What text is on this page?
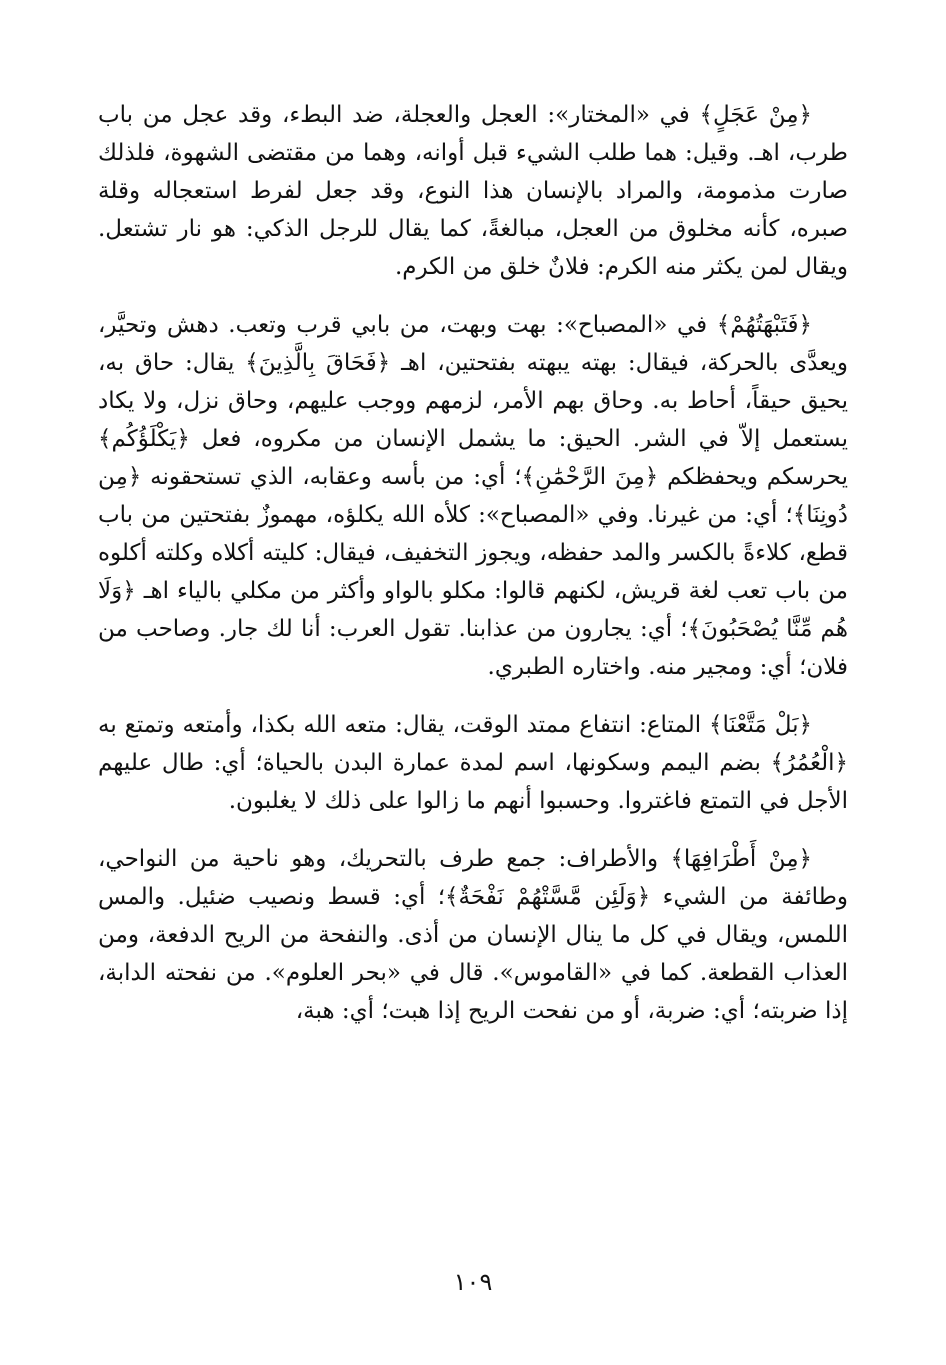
﴿مِنْ عَجَلٍ﴾ في «المختار»: العجل والعجلة، ضد البطء، وقد عجل من باب طرب، اهـ. وقيل: هما طلب الشيء قبل أوانه، وهما من مقتضى الشهوة، فلذلك صارت مذمومة، والمراد بالإنسان هذا النوع، وقد جعل لفرط استعجاله وقلة صبره، كأنه مخلوق من العجل، مبالغةً، كما يقال للرجل الذكي: هو نار تشتعل. ويقال لمن يكثر منه الكرم: فلانٌ خلق من الكرم.

﴿فَتَبْهَتُهُمْ﴾ في «المصباح»: بهت وبهت، من بابي قرب وتعب. دهش وتحيَّر، ويعدَّى بالحركة، فيقال: بهته يبهته بفتحتين، اهـ ﴿فَحَاقَ بِالَّذِينَ﴾ يقال: حاق به، يحيق حيقاً، أحاط به. وحاق بهم الأمر، لزمهم ووجب عليهم، وحاق نزل، ولا يكاد يستعمل إلاّ في الشر. الحيق: ما يشمل الإنسان من مكروه، فعل ﴿يَكْلَؤُكُم﴾ يحرسكم ويحفظكم ﴿مِنَ الرَّحْمَٰنِ﴾؛ أي: من بأسه وعقابه، الذي تستحقونه ﴿مِن دُونِنَا﴾؛ أي: من غيرنا. وفي «المصباح»: كلأه الله يكلؤه، مهموزٌ بفتحتين من باب قطع، كلاءةً بالكسر والمد حفظه، ويجوز التخفيف، فيقال: كليته أكلاه وكلته أكلوه من باب تعب لغة قريش، لكنهم قالوا: مكلو بالواو وأكثر من مكلي بالياء اهـ ﴿وَلَا هُم مِّنَّا يُصْحَبُونَ﴾؛ أي: يجارون من عذابنا. تقول العرب: أنا لك جار. وصاحب من فلان؛ أي: ومجير منه. واختاره الطبري.

﴿بَلْ مَتَّعْنَا﴾ المتاع: انتفاع ممتد الوقت، يقال: متعه الله بكذا، وأمتعه وتمتع به ﴿الْعُمُرُ﴾ بضم اليمم وسكونها، اسم لمدة عمارة البدن بالحياة؛ أي: طال عليهم الأجل في التمتع فاغتروا. وحسبوا أنهم ما زالوا على ذلك لا يغلبون.

﴿مِنْ أَطْرَافِهَا﴾ والأطراف: جمع طرف بالتحريك، وهو ناحية من النواحي، وطائفة من الشيء ﴿وَلَئِن مَّسَّتْهُمْ نَفْحَةٌ﴾؛ أي: قسط ونصيب ضئيل. والمس اللمس، ويقال في كل ما ينال الإنسان من أذى. والنفحة من الريح الدفعة، ومن العذاب القطعة. كما في «القاموس». قال في «بحر العلوم». من نفحته الدابة، إذا ضربته؛ أي: ضربة، أو من نفحت الريح إذا هبت؛ أي: هبة،

١٠٩
